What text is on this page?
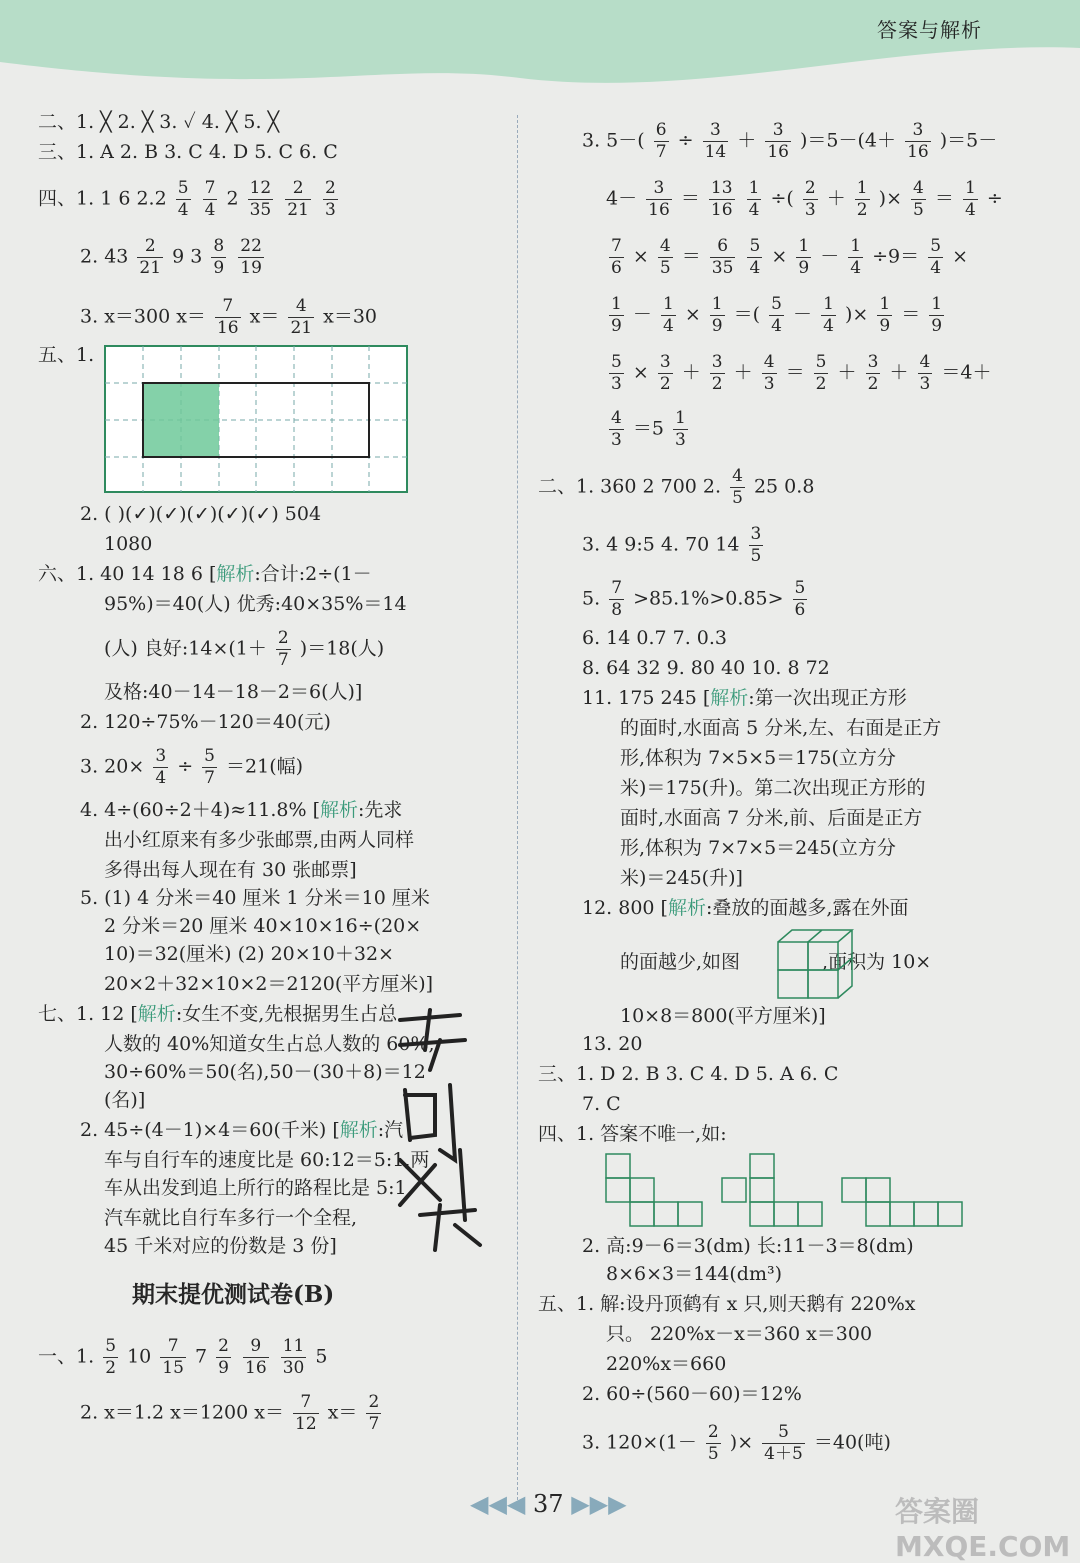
答案与解析
二、1. ╳ 2. ╳ 3. ✓ 4. ╳ 5. ╳
三、1. A 2. B 3. C 4. D 5. C 6. C
四、1. 1 6 $2.2 \frac{5}{4}$
$\frac{7}{4} 2 \frac{12}{35}$
$\frac{2}{21}$
$\frac{2}{3}$
2. $43 \frac{2}{21} 9$ $3 \frac{8}{9}$
$\frac{22}{19}$
3. x＝300 $x= \frac{7}{16} x= \frac{4}{21} x=30$
五、1.
2. ( )(✓)(✓)(✓)(✓)(✓) 504
1080
六、1. 40 14 18 6 [解析:合计:2÷(1－
95%)＝40(人) 优秀:40×35%＝14
(人) 良好:14×(1＋ $\frac{2}{7} )=18$(人)
及格:40－14－18－2＝6(人)]
2. 120÷75%－120＝40(元)
3. $20\times \frac{3}{4} \div \frac{5}{7} =21$(幅)
4. 4÷(60÷2＋4)≈11.8% [解析:先求
出小红原来有多少张邮票,由两人同样
多得出每人现在有 30 张邮票]
5. (1) 4 分米＝40 厘米 1 分米＝10 厘米
2 分米＝20 厘米 40×10×16÷(20×
10)＝32(厘米) (2) 20×10＋32×
20×2＋32×10×2＝2120(平方厘米)]
七、1. 12 [解析:女生不变,先根据男生占总
人数的 40%知道女生占总人数的 60%,
30÷60%＝50(名),50－(30＋8)＝12
(名)]
2. 45÷(4－1)×4＝60(千米) [解析:汽
车与自行车的速度比是 60:12＝5:1,两
车从出发到追上所行的路程比是 5:1,
汽车就比自行车多行一个全程,
45 千米对应的份数是 3 份]
期末提优测试卷(B)
一、1. $\frac{5}{2} 10 \frac{7}{15} 7 \frac{2}{9}$
$\frac{9}{16}$
$\frac{11}{30} 5$
2. x＝1.2 x＝1200 $x= \frac{7}{12} x= \frac{2}{7}$
3. $5-( \frac{6}{7} \div \frac{3}{14} + \frac{3}{16} )=5-(4+ \frac{3}{16} )=5-$
$4- \frac{3}{16} = \frac{13}{16}$
$\frac{1}{4}$ ÷( $\frac{2}{3} + \frac{1}{2}$ )× $\frac{4}{5} = \frac{1}{4}$ ÷
$\frac{7}{6} \times \frac{4}{5} = \frac{6}{35}$
$\frac{5}{4} \times \frac{1}{9} - \frac{1}{4} \div 9= \frac{5}{4}$ ×
$\frac{1}{9} - \frac{1}{4} \times \frac{1}{9}$ ＝( $\frac{5}{4} - \frac{1}{4}$ )× $\frac{1}{9} = \frac{1}{9}$
$\frac{5}{3} \times \frac{3}{2} + \frac{3}{2} + \frac{4}{3} = \frac{5}{2} + \frac{3}{2} + \frac{4}{3} =4+$
$\frac{4}{3} =5 \frac{1}{3}$
二、1. 360 2 700 2. $\frac{4}{5} 25$ 0.8
3. 4 9:5 4. 70 $14 \frac{3}{5}$
5. $\frac{7}{8} >85.1\%>0.85> \frac{5}{6}$
6. 14 0.7 7. 0.3
8. 64 32 9. 80 40 10. 8 72
11. 175 245 [解析:第一次出现正方形
的面时,水面高 5 分米,左、右面是正方
形,体积为 7×5×5＝175(立方分
米)＝175(升)。第二次出现正方形的
面时,水面高 7 分米,前、后面是正方
形,体积为 7×7×5＝245(立方分
米)＝245(升)]
12. 800 [解析:叠放的面越多,露在外面
的面越少,如图	,面积为 10×
10×8＝800(平方厘米)]
13. 20
三、1. D 2. B 3. C 4. D 5. A 6. C
7. C
四、1. 答案不唯一,如:
2. 高:9－6＝3(dm) 长:11－3＝8(dm)
8×6×3＝144(dm³)
五、1. 解:设丹顶鹤有 x 只,则天鹅有 220%x
只。 220%x－x＝360 x＝300
220%x＝660
2. 60÷(560－60)＝12%
3. $120\times(1- \frac{2}{5}$ )× $\frac{5}{4+5} =40$(吨)
◀◀◀ 37 ▶▶▶	答案圈 MXQE.COM
